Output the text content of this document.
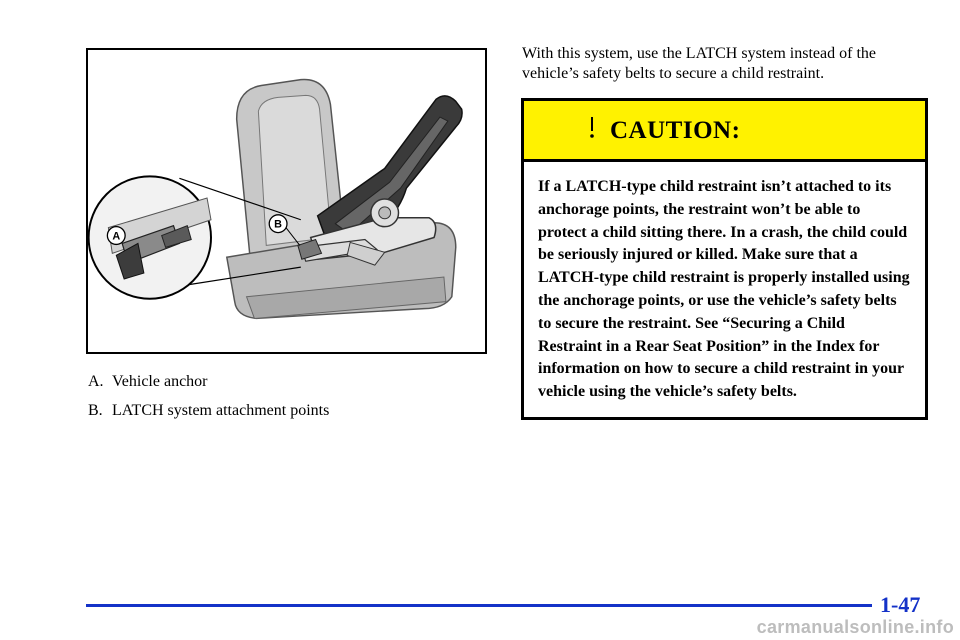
A
B
A. Vehicle anchor
B. LATCH system attachment points
With this system, use the LATCH system instead of the vehicle’s safety belts to secure a child restraint.
CAUTION:
If a LATCH-type child restraint isn’t attached to its anchorage points, the restraint won’t be able to protect a child sitting there. In a crash, the child could be seriously injured or killed. Make sure that a LATCH-type child restraint is properly installed using the anchorage points, or use the vehicle’s safety belts to secure the restraint. See “Securing a Child Restraint in a Rear Seat Position” in the Index for information on how to secure a child restraint in your vehicle using the vehicle’s safety belts.
1-47
carmanualsonline.info
